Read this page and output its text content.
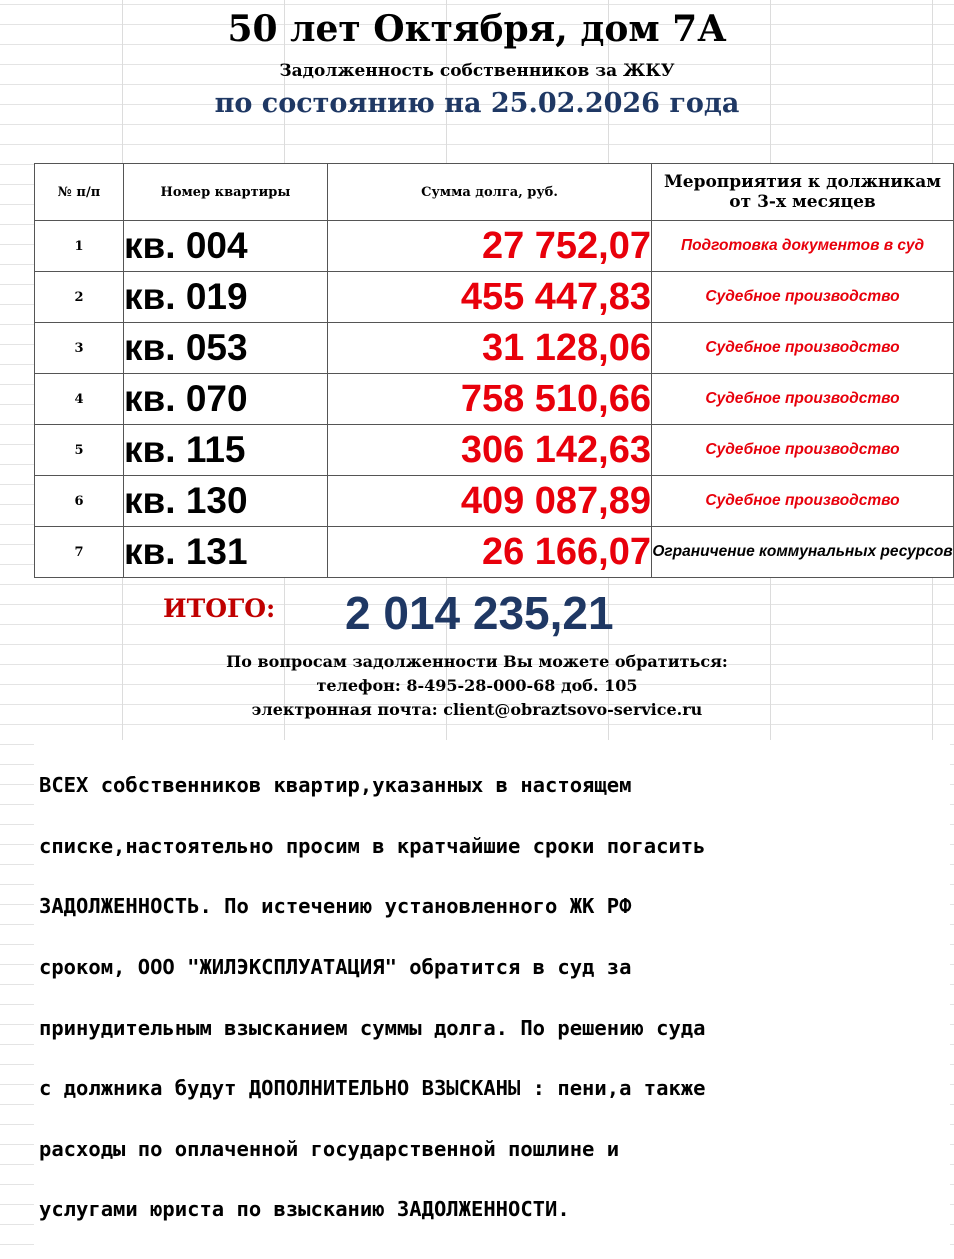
50 лет Октября, дом 7А
Задолженность собственников за ЖКУ
по состоянию на 25.02.2026 года
№ п/п	Номер квартиры	Сумма долга, руб.	Мероприятия к должникам от 3-х месяцев

1	кв. 004	27 752,07	Подготовка документов в суд
2	кв. 019	455 447,83	Судебное производство
3	кв. 053	31 128,06	Судебное производство
4	кв. 070	758 510,66	Судебное производство
5	кв. 115	306 142,63	Судебное производство
6	кв. 130	409 087,89	Судебное производство
7	кв. 131	26 166,07	Ограничение коммунальных ресурсов
ИТОГО: 2 014 235,21
По вопросам задолженности Вы можете обратиться:
телефон: 8-495-28-000-68 доб. 105
электронная почта: client@obraztsovo-service.ru

ВСЕХ собственников квартир,указанных в настоящем

списке,настоятельно просим в кратчайшие сроки погасить

ЗАДОЛЖЕННОСТЬ. По истечению установленного ЖК РФ

сроком, ООО "ЖИЛЭКСПЛУАТАЦИЯ" обратится в суд за

принудительным взысканием суммы долга. По решению суда

с должника будут ДОПОЛНИТЕЛЬНО ВЗЫСКАНЫ : пени,а также

расходы по оплаченной государственной пошлине и

услугами юриста по взысканию ЗАДОЛЖЕННОСТИ.
